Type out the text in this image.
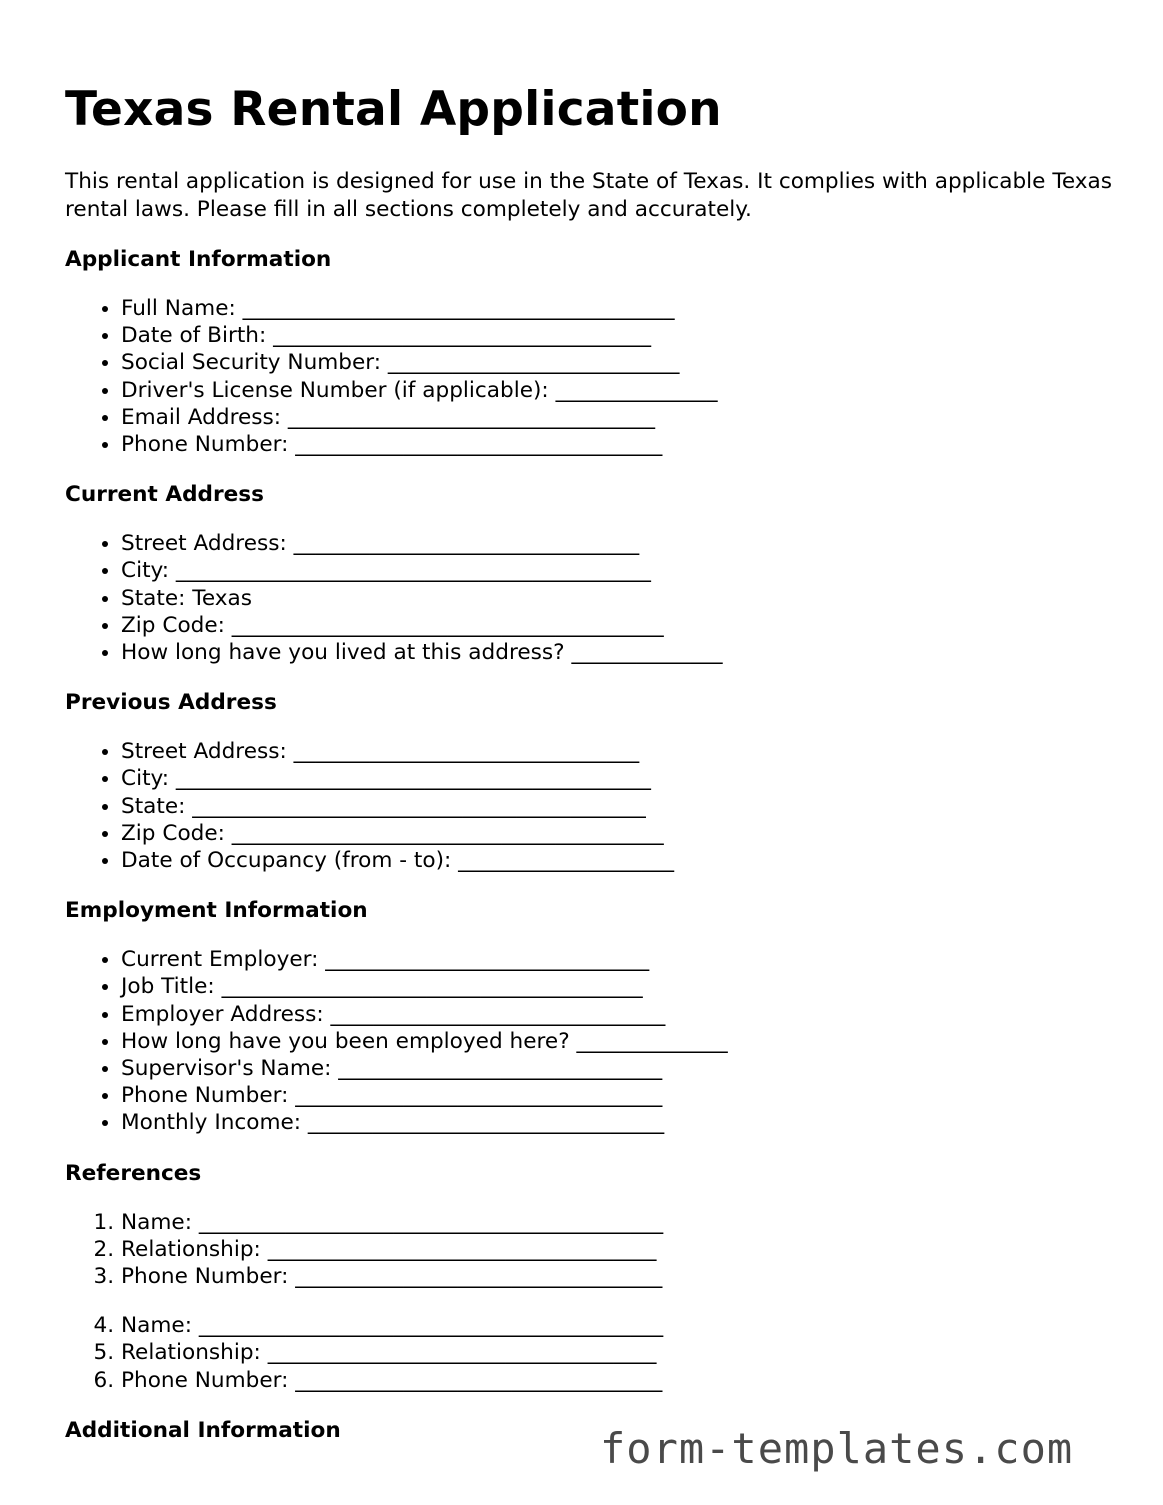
Texas Rental Application

This rental application is designed for use in the State of Texas. It complies with applicable Texas rental laws. Please fill in all sections completely and accurately.

Applicant Information
• Full Name: ________________________________________
• Date of Birth: ___________________________________
• Social Security Number: ___________________________
• Driver's License Number (if applicable): _______________
• Email Address: __________________________________
• Phone Number: __________________________________
Current Address
• Street Address: ________________________________
• City: ____________________________________________
• State: Texas
• Zip Code: ________________________________________
• How long have you lived at this address? ______________
Previous Address
• Street Address: ________________________________
• City: ____________________________________________
• State: __________________________________________
• Zip Code: ________________________________________
• Date of Occupancy (from - to): ____________________
Employment Information
• Current Employer: ______________________________
• Job Title: _______________________________________
• Employer Address: _______________________________
• How long have you been employed here? ______________
• Supervisor's Name: ______________________________
• Phone Number: __________________________________
• Monthly Income: _________________________________
References
1. Name: ___________________________________________
2. Relationship: ____________________________________
3. Phone Number: __________________________________
4. Name: ___________________________________________
5. Relationship: ____________________________________
6. Phone Number: __________________________________
Additional Information	form-templates.com
